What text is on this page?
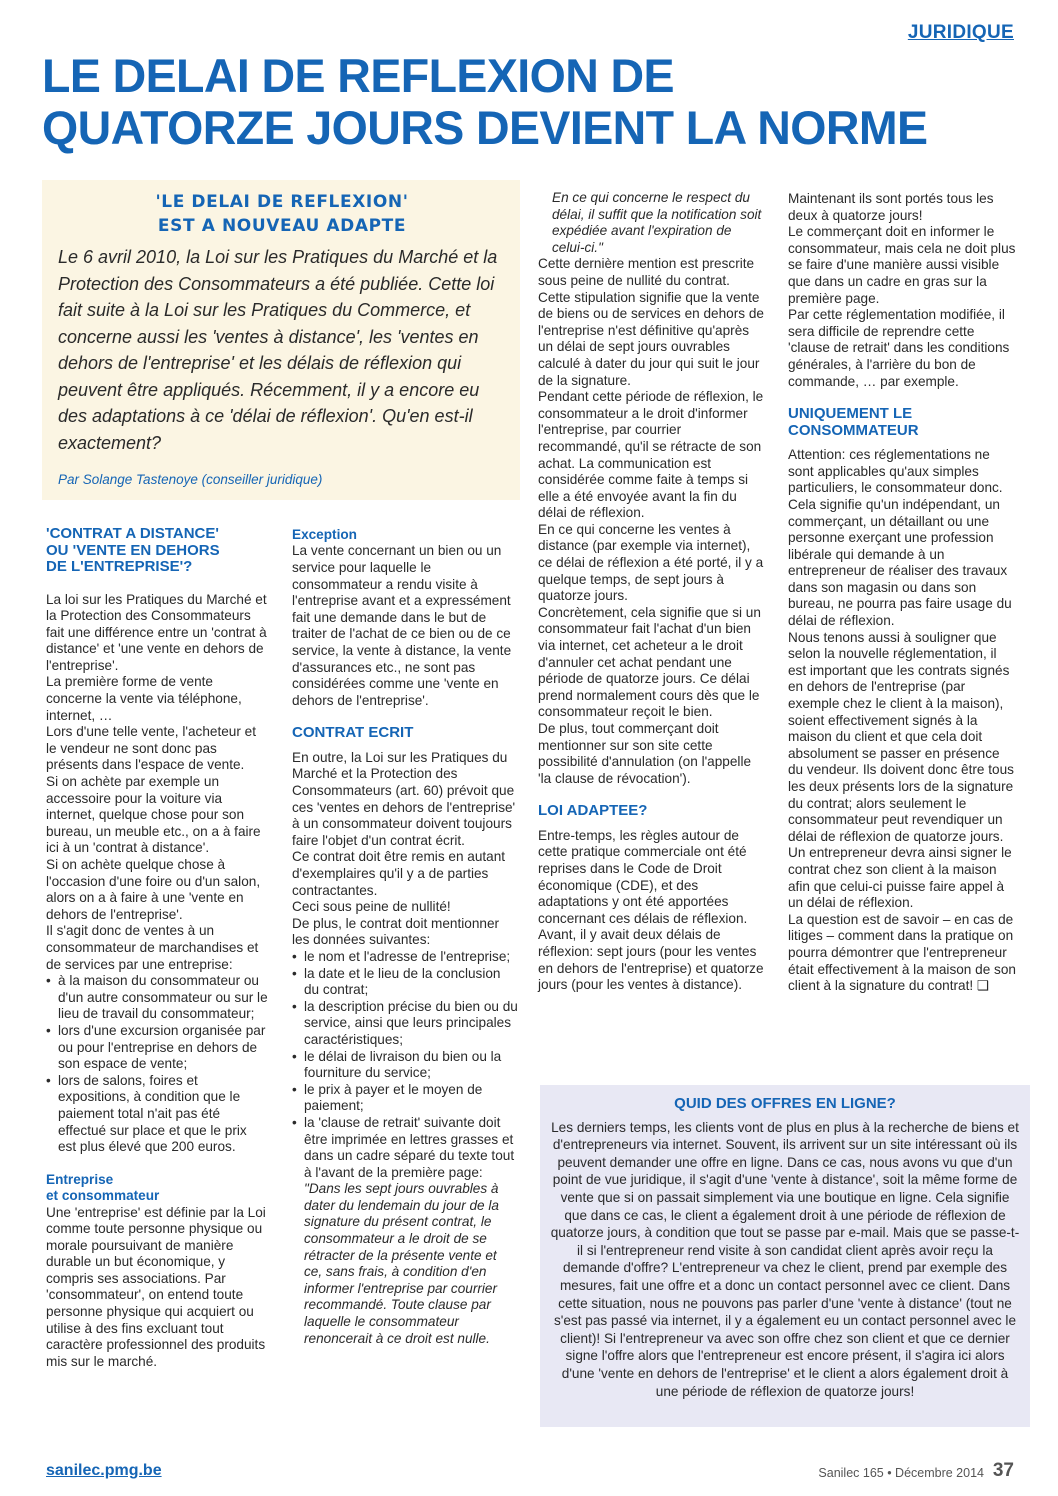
JURIDIQUE
LE DELAI DE REFLEXION DE
QUATORZE JOURS DEVIENT LA NORME
'LE DELAI DE REFLEXION'
EST A NOUVEAU ADAPTE
Le 6 avril 2010, la Loi sur les Pratiques du Marché et la Protection des Consommateurs a été publiée. Cette loi fait suite à la Loi sur les Pratiques du Commerce, et concerne aussi les 'ventes à distance', les 'ventes en dehors de l'entreprise' et les délais de réflexion qui peuvent être appliqués. Récemment, il y a encore eu des adaptations à ce 'délai de réflexion'. Qu'en est-il exactement?
Par Solange Tastenoye (conseiller juridique)
'CONTRAT A DISTANCE'
OU 'VENTE EN DEHORS
DE L'ENTREPRISE'?

La loi sur les Pratiques du Marché et la Protection des Consommateurs fait une différence entre un 'contrat à distance' et 'une vente en dehors de l'entreprise'.

La première forme de vente concerne la vente via téléphone, internet, …

Lors d'une telle vente, l'acheteur et le vendeur ne sont donc pas présents dans l'espace de vente.

Si on achète par exemple un accessoire pour la voiture via internet, quelque chose pour son bureau, un meuble etc., on a à faire ici à un 'contrat à distance'.

Si on achète quelque chose à l'occasion d'une foire ou d'un salon, alors on a à faire à une 'vente en dehors de l'entreprise'.

Il s'agit donc de ventes à un consommateur de marchandises et de services par une entreprise:

• à la maison du consommateur ou d'un autre consommateur ou sur le lieu de travail du consommateur;
• lors d'une excursion organisée par ou pour l'entreprise en dehors de son espace de vente;
• lors de salons, foires et expositions, à condition que le paiement total n'ait pas été effectué sur place et que le prix est plus élevé que 200 euros.
Entreprise
et consommateur

Une 'entreprise' est définie par la Loi comme toute personne physique ou morale poursuivant de manière durable un but économique, y compris ses associations. Par 'consommateur', on entend toute personne physique qui acquiert ou utilise à des fins excluant tout caractère professionnel des produits mis sur le marché.

Exception

La vente concernant un bien ou un service pour laquelle le consommateur a rendu visite à l'entreprise avant et a expressément fait une demande dans le but de traiter de l'achat de ce bien ou de ce service, la vente à distance, la vente d'assurances etc., ne sont pas considérées comme une 'vente en dehors de l'entreprise'.

CONTRAT ECRIT

En outre, la Loi sur les Pratiques du Marché et la Protection des Consommateurs (art. 60) prévoit que ces 'ventes en dehors de l'entreprise' à un consommateur doivent toujours faire l'objet d'un contrat écrit.

Ce contrat doit être remis en autant d'exemplaires qu'il y a de parties contractantes.

Ceci sous peine de nullité!

De plus, le contrat doit mentionner les données suivantes:

• le nom et l'adresse de l'entreprise;
• la date et le lieu de la conclusion du contrat;
• la description précise du bien ou du service, ainsi que leurs principales caractéristiques;
• le délai de livraison du bien ou la fourniture du service;
• le prix à payer et le moyen de paiement;
• la 'clause de retrait' suivante doit être imprimée en lettres grasses et dans un cadre séparé du texte tout à l'avant de la première page:

"Dans les sept jours ouvrables à dater du lendemain du jour de la signature du présent contrat, le consommateur a le droit de se rétracter de la présente vente et ce, sans frais, à condition d'en informer l'entreprise par courrier recommandé. Toute clause par laquelle le consommateur renoncerait à ce droit est nulle.

En ce qui concerne le respect du délai, il suffit que la notification soit expédiée avant l'expiration de celui-ci."

Cette dernière mention est prescrite sous peine de nullité du contrat.

Cette stipulation signifie que la vente de biens ou de services en dehors de l'entreprise n'est définitive qu'après un délai de sept jours ouvrables calculé à dater du jour qui suit le jour de la signature.

Pendant cette période de réflexion, le consommateur a le droit d'informer l'entreprise, par courrier recommandé, qu'il se rétracte de son achat. La communication est considérée comme faite à temps si elle a été envoyée avant la fin du délai de réflexion.

En ce qui concerne les ventes à distance (par exemple via internet), ce délai de réflexion a été porté, il y a quelque temps, de sept jours à quatorze jours.

Concrètement, cela signifie que si un consommateur fait l'achat d'un bien via internet, cet acheteur a le droit d'annuler cet achat pendant une période de quatorze jours. Ce délai prend normalement cours dès que le consommateur reçoit le bien.

De plus, tout commerçant doit mentionner sur son site cette possibilité d'annulation (on l'appelle 'la clause de révocation').

LOI ADAPTEE?

Entre-temps, les règles autour de cette pratique commerciale ont été reprises dans le Code de Droit économique (CDE), et des adaptations y ont été apportées concernant ces délais de réflexion. Avant, il y avait deux délais de réflexion: sept jours (pour les ventes en dehors de l'entreprise) et quatorze jours (pour les ventes à distance).

Maintenant ils sont portés tous les deux à quatorze jours!

Le commerçant doit en informer le consommateur, mais cela ne doit plus se faire d'une manière aussi visible que dans un cadre en gras sur la première page.

Par cette réglementation modifiée, il sera difficile de reprendre cette 'clause de retrait' dans les conditions générales, à l'arrière du bon de commande, … par exemple.

UNIQUEMENT LE
CONSOMMATEUR

Attention: ces réglementations ne sont applicables qu'aux simples particuliers, le consommateur donc. Cela signifie qu'un indépendant, un commerçant, un détaillant ou une personne exerçant une profession libérale qui demande à un entrepreneur de réaliser des travaux dans son magasin ou dans son bureau, ne pourra pas faire usage du délai de réflexion.

Nous tenons aussi à souligner que selon la nouvelle réglementation, il est important que les contrats signés en dehors de l'entreprise (par exemple chez le client à la maison), soient effectivement signés à la maison du client et que cela doit absolument se passer en présence du vendeur. Ils doivent donc être tous les deux présents lors de la signature du contrat; alors seulement le consommateur peut revendiquer un délai de réflexion de quatorze jours. Un entrepreneur devra ainsi signer le contrat chez son client à la maison afin que celui-ci puisse faire appel à un délai de réflexion.

La question est de savoir – en cas de litiges – comment dans la pratique on pourra démontrer que l'entrepreneur était effectivement à la maison de son client à la signature du contrat! ❑

QUID DES OFFRES EN LIGNE?
Les derniers temps, les clients vont de plus en plus à la recherche de biens et d'entrepreneurs via internet. Souvent, ils arrivent sur un site intéressant où ils peuvent demander une offre en ligne. Dans ce cas, nous avons vu que d'un point de vue juridique, il s'agit d'une 'vente à distance', soit la même forme de vente que si on passait simplement via une boutique en ligne. Cela signifie que dans ce cas, le client a également droit à une période de réflexion de quatorze jours, à condition que tout se passe par e-mail. Mais que se passe-t-il si l'entrepreneur rend visite à son candidat client après avoir reçu la demande d'offre? L'entrepreneur va chez le client, prend par exemple des mesures, fait une offre et a donc un contact personnel avec ce client. Dans cette situation, nous ne pouvons pas parler d'une 'vente à distance' (tout ne s'est pas passé via internet, il y a également eu un contact personnel avec le client)! Si l'entrepreneur va avec son offre chez son client et que ce dernier signe l'offre alors que l'entrepreneur est encore présent, il s'agira ici alors d'une 'vente en dehors de l'entreprise' et le client a alors également droit à une période de réflexion de quatorze jours!
sanilec.pmg.be	Sanilec 165 • Décembre 2014 37
